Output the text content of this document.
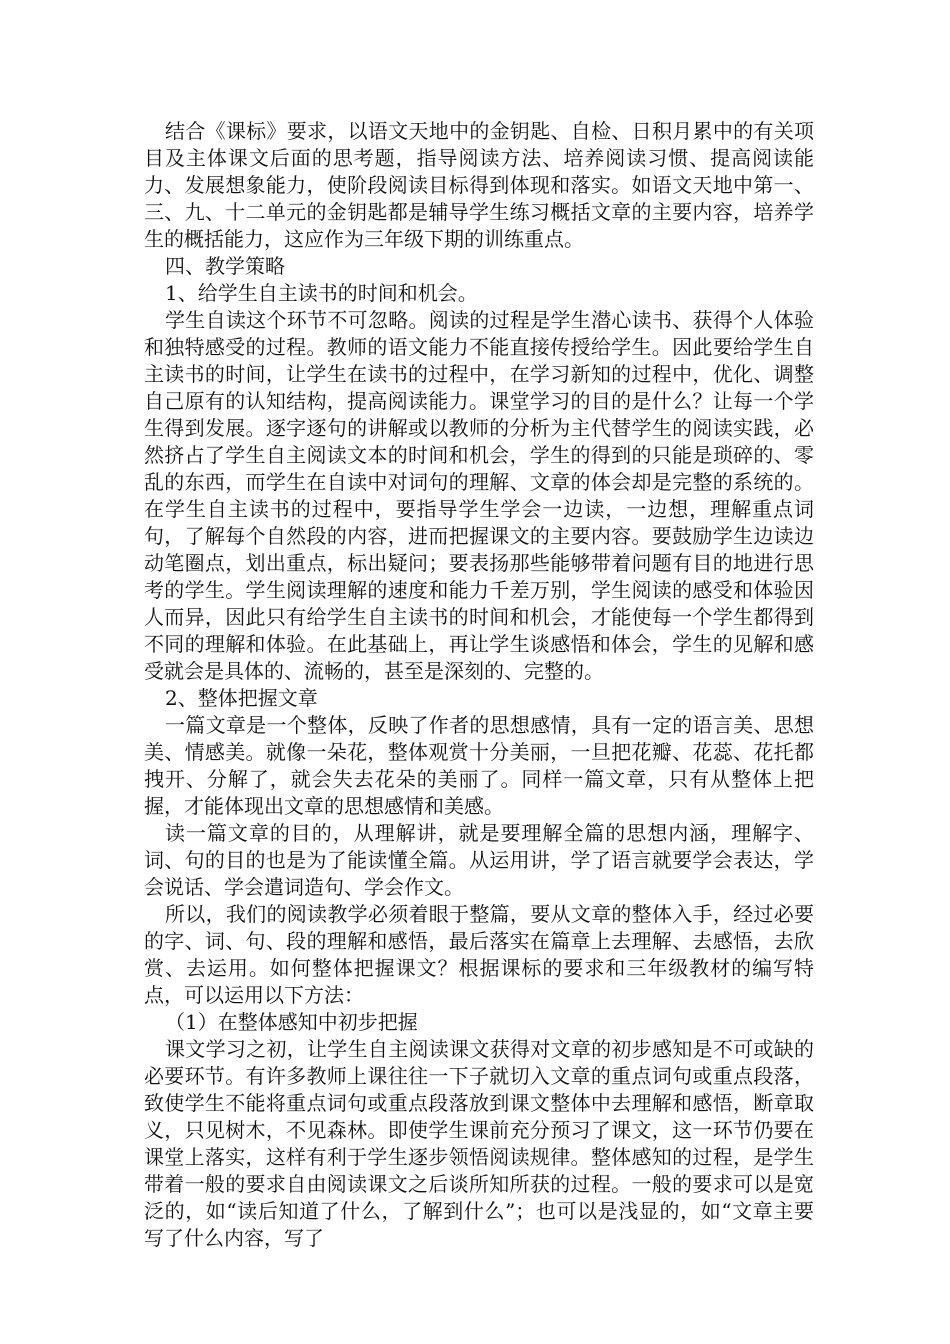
结合《课标》要求，以语文天地中的金钥匙、自检、日积月累中的有关项目及主体课文后面的思考题，指导阅读方法、培养阅读习惯、提高阅读能力、发展想象能力，使阶段阅读目标得到体现和落实。如语文天地中第一、三、九、十二单元的金钥匙都是辅导学生练习概括文章的主要内容，培养学生的概括能力，这应作为三年级下期的训练重点。

四、教学策略

1、给学生自主读书的时间和机会。

学生自读这个环节不可忽略。阅读的过程是学生潜心读书、获得个人体验和独特感受的过程。教师的语文能力不能直接传授给学生。因此要给学生自主读书的时间，让学生在读书的过程中，在学习新知的过程中，优化、调整自己原有的认知结构，提高阅读能力。课堂学习的目的是什么？让每一个学生得到发展。逐字逐句的讲解或以教师的分析为主代替学生的阅读实践，必然挤占了学生自主阅读文本的时间和机会，学生的得到的只能是琐碎的、零乱的东西，而学生在自读中对词句的理解、文章的体会却是完整的系统的。在学生自主读书的过程中，要指导学生学会一边读，一边想，理解重点词句，了解每个自然段的内容，进而把握课文的主要内容。要鼓励学生边读边动笔圈点，划出重点，标出疑问；要表扬那些能够带着问题有目的地进行思考的学生。学生阅读理解的速度和能力千差万别，学生阅读的感受和体验因人而异，因此只有给学生自主读书的时间和机会，才能使每一个学生都得到不同的理解和体验。在此基础上，再让学生谈感悟和体会，学生的见解和感受就会是具体的、流畅的，甚至是深刻的、完整的。

2、整体把握文章

一篇文章是一个整体，反映了作者的思想感情，具有一定的语言美、思想美、情感美。就像一朵花，整体观赏十分美丽，一旦把花瓣、花蕊、花托都拽开、分解了，就会失去花朵的美丽了。同样一篇文章，只有从整体上把握，才能体现出文章的思想感情和美感。

读一篇文章的目的，从理解讲，就是要理解全篇的思想内涵，理解字、词、句的目的也是为了能读懂全篇。从运用讲，学了语言就要学会表达，学会说话、学会遣词造句、学会作文。

所以，我们的阅读教学必须着眼于整篇，要从文章的整体入手，经过必要的字、词、句、段的理解和感悟，最后落实在篇章上去理解、去感悟，去欣赏、去运用。如何整体把握课文？根据课标的要求和三年级教材的编写特点，可以运用以下方法：

（1）在整体感知中初步把握

课文学习之初，让学生自主阅读课文获得对文章的初步感知是不可或缺的必要环节。有许多教师上课往往一下子就切入文章的重点词句或重点段落，致使学生不能将重点词句或重点段落放到课文整体中去理解和感悟，断章取义，只见树木，不见森林。即使学生课前充分预习了课文，这一环节仍要在课堂上落实，这样有利于学生逐步领悟阅读规律。整体感知的过程，是学生带着一般的要求自由阅读课文之后谈所知所获的过程。一般的要求可以是宽泛的，如“读后知道了什么，了解到什么”；也可以是浅显的，如“文章主要写了什么内容，写了
